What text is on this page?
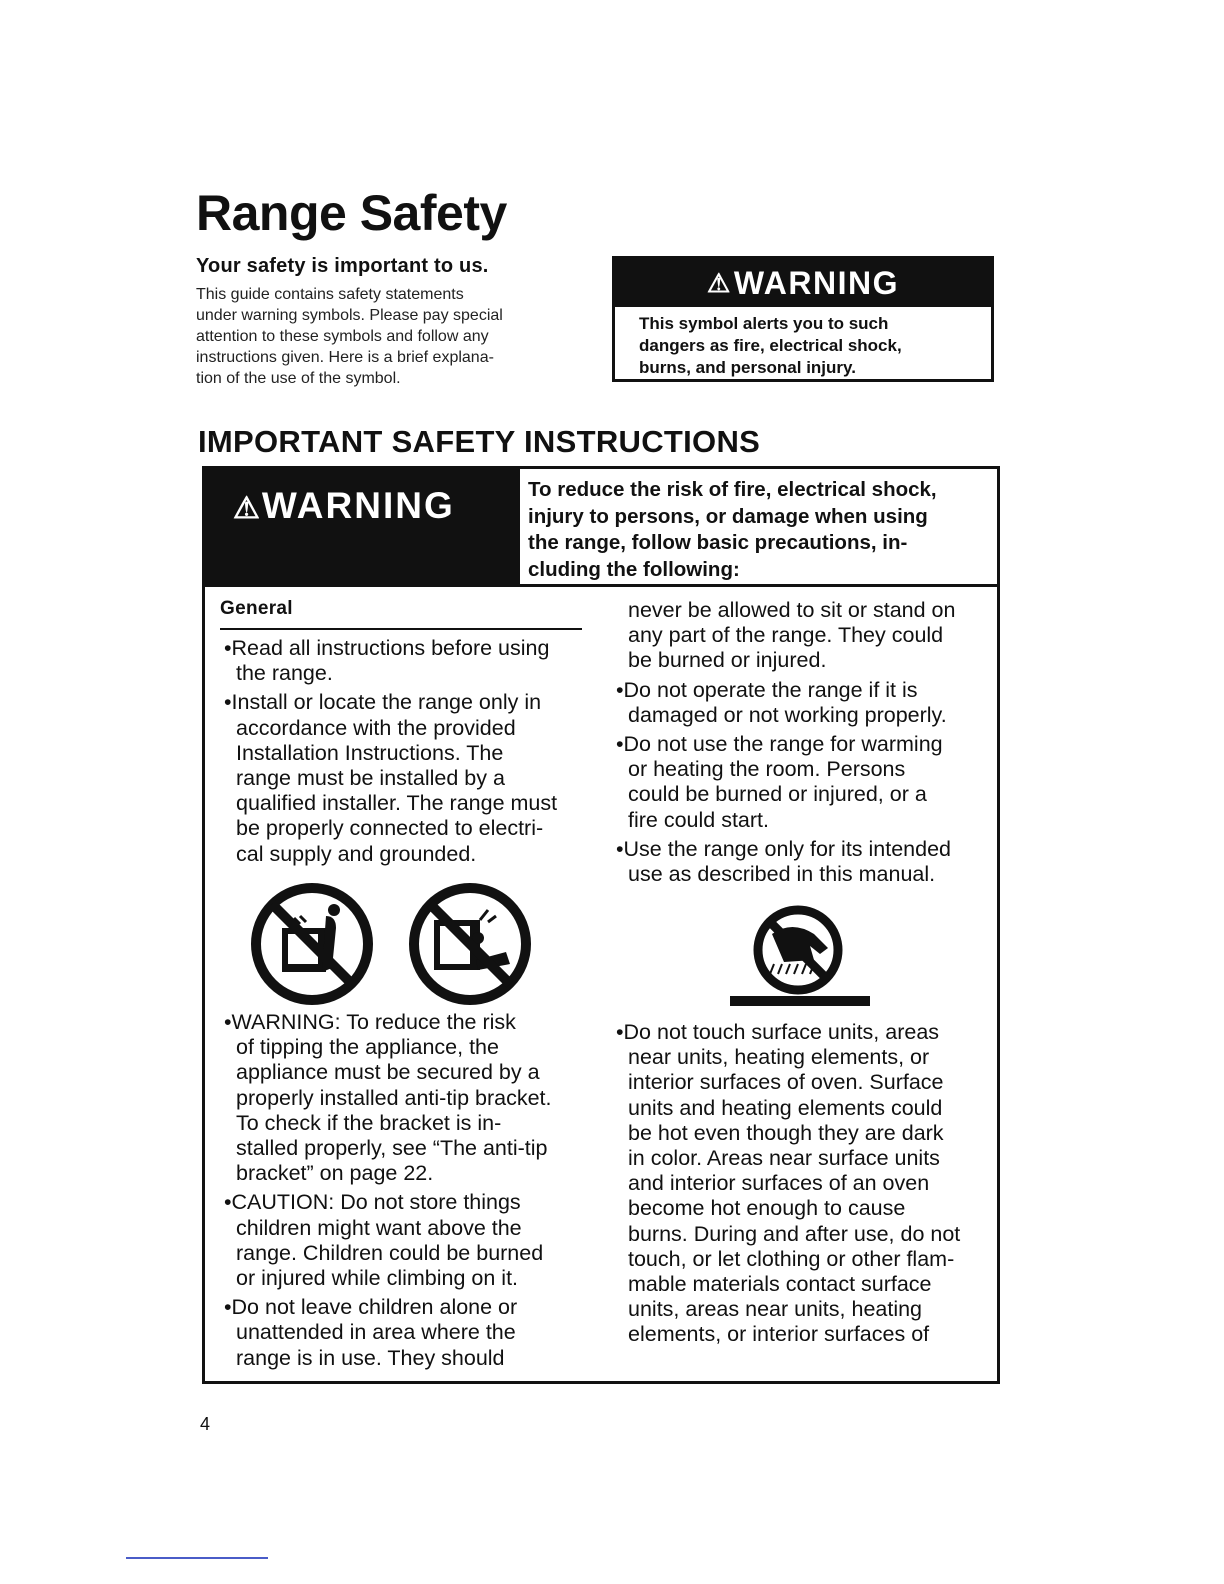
Range Safety
Your safety is important to us.
This guide contains safety statements
under warning symbols. Please pay special
attention to these symbols and follow any
instructions given. Here is a brief explana-
tion of the use of the symbol.
⚠ WARNING
This symbol alerts you to such
dangers as fire, electrical shock,
burns, and personal injury.
IMPORTANT SAFETY INSTRUCTIONS
⚠WARNING	To reduce the risk of fire, electrical shock,
injury to persons, or damage when using
the range, follow basic precautions, in-
cluding the following:
General
•Read all instructions before using
the range.
•Install or locate the range only in
accordance with the provided
Installation Instructions. The
range must be installed by a
qualified installer. The range must
be properly connected to electri-
cal supply and grounded.
•WARNING: To reduce the risk
of tipping the appliance, the
appliance must be secured by a
properly installed anti-tip bracket.
To check if the bracket is in-
stalled properly, see “The anti-tip
bracket” on page 22.
•CAUTION: Do not store things
children might want above the
range. Children could be burned
or injured while climbing on it.
•Do not leave children alone or
unattended in area where the
range is in use. They should
never be allowed to sit or stand on
any part of the range. They could
be burned or injured.
•Do not operate the range if it is
damaged or not working properly.
•Do not use the range for warming
or heating the room. Persons
could be burned or injured, or a
fire could start.
•Use the range only for its intended
use as described in this manual.
•Do not touch surface units, areas
near units, heating elements, or
interior surfaces of oven. Surface
units and heating elements could
be hot even though they are dark
in color. Areas near surface units
and interior surfaces of an oven
become hot enough to cause
burns. During and after use, do not
touch, or let clothing or other flam-
mable materials contact surface
units, areas near units, heating
elements, or interior surfaces of
4
